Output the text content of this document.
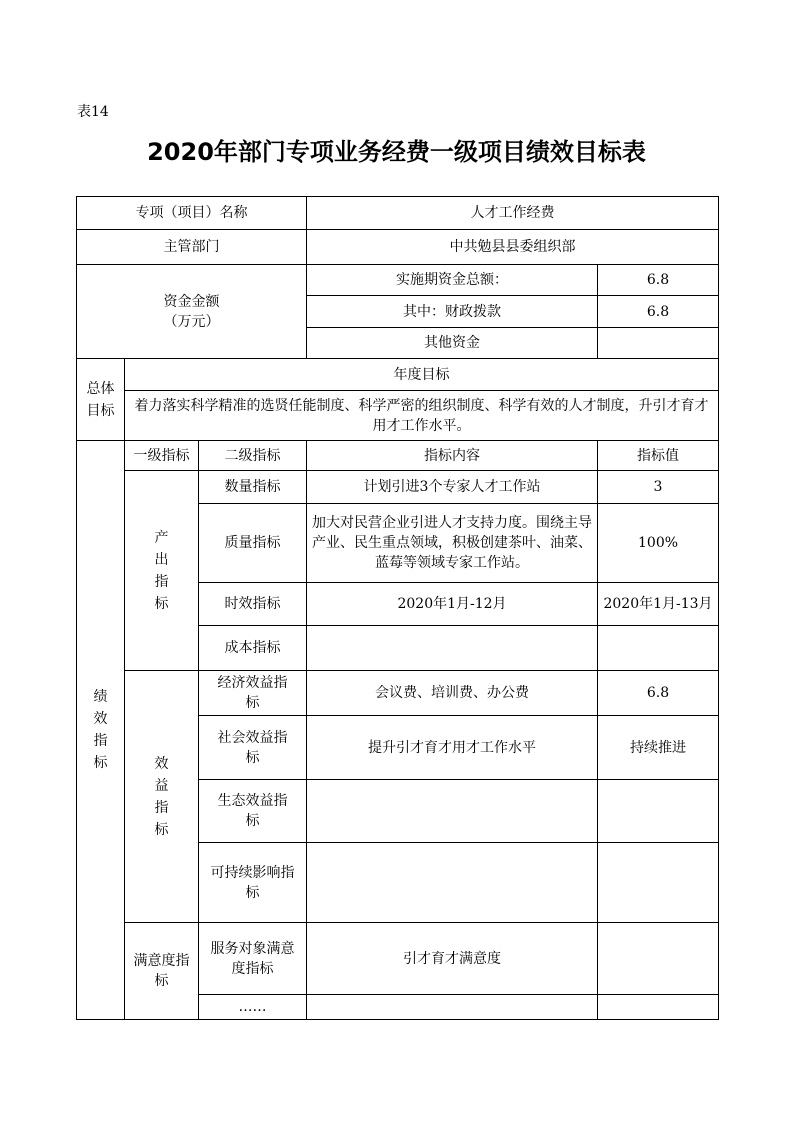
表14
2020年部门专项业务经费一级项目绩效目标表
专项（项目）名称			人才工作经费	
主管部门			中共勉县县委组织部	

资金金额
（万元）			实施期资金总额：	6.8
			其中：财政拨款	6.8
			其他资金	
总体目标	年度目标			
	着力落实科学精准的选贤任能制度、科学严密的组织制度、科学有效的人才制度，升引才育才用才工作水平。			
绩效指标	一级指标	二级指标	指标内容	指标值
	产出指标	数量指标	计划引进3个专家人才工作站	3
		质量指标	加大对民营企业引进人才支持力度。围绕主导产业、民生重点领域，积极创建茶叶、油菜、蓝莓等领域专家工作站。	100%
		时效指标	2020年1月-12月	2020年1月-13月
		成本指标		
	效益指标	经济效益指标	会议费、培训费、办公费	6.8
		社会效益指标	提升引才育才用才工作水平	持续推进
		生态效益指标		
		可持续影响指标		
	满意度指标	服务对象满意度指标	引才育才满意度	
		……		
